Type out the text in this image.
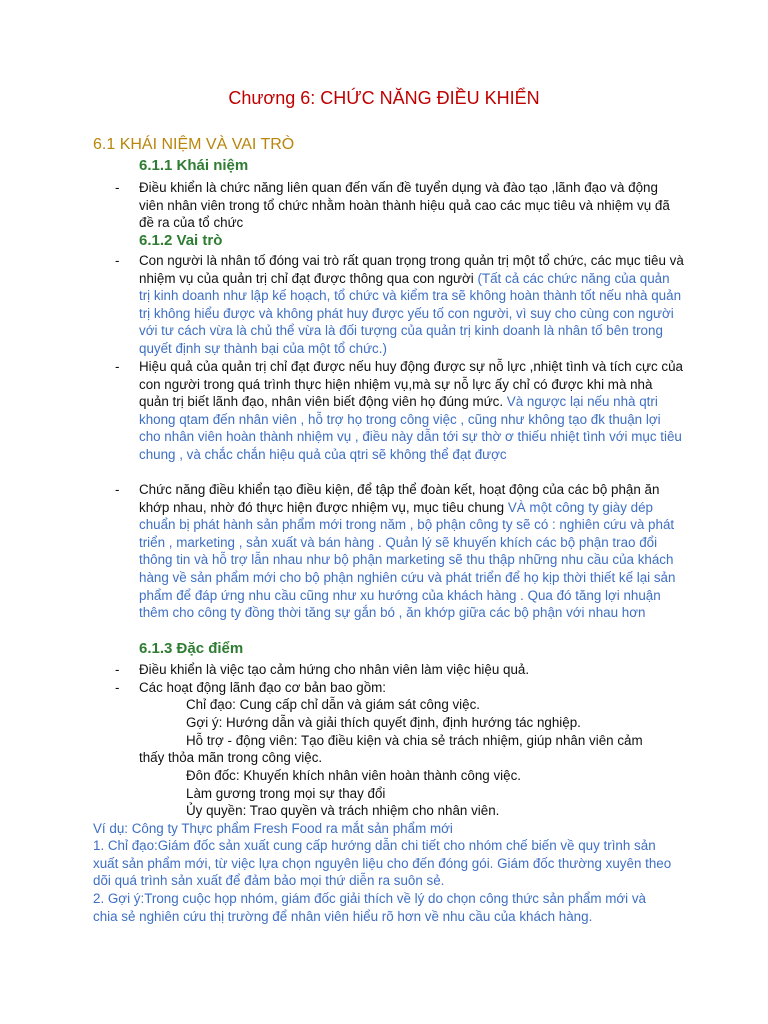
Chương 6: CHỨC NĂNG ĐIỀU KHIỂN
6.1 KHÁI NIỆM VÀ VAI TRÒ
6.1.1 Khái niệm
- Điều khiển là chức năng liên quan đến vấn đề tuyển dụng và đào tạo ,lãnh đạo và động viên nhân viên trong tổ chức nhằm hoàn thành hiệu quả cao các mục tiêu và nhiệm vụ đã đề ra của tổ chức
6.1.2 Vai trò
- Con người là nhân tố đóng vai trò rất quan trọng trong quản trị một tổ chức, các mục tiêu và nhiệm vụ của quản trị chỉ đạt được thông qua con người (Tất cả các chức năng của quản trị kinh doanh như lập kế hoạch, tổ chức và kiểm tra sẽ không hoàn thành tốt nếu nhà quản trị không hiểu được và không phát huy được yếu tố con người, vì suy cho cùng con người với tư cách vừa là chủ thể vừa là đối tượng của quản trị kinh doanh là nhân tố bên trong quyết định sự thành bại của một tổ chức.)
- Hiệu quả của quản trị chỉ đạt được nếu huy động được sự nỗ lực ,nhiệt tình và tích cực của con người trong quá trình thực hiện nhiệm vụ,mà sự nỗ lực ấy chỉ có được khi mà nhà quản trị biết lãnh đạo, nhân viên biết động viên họ đúng mức. Và ngược lại nếu nhà qtri khong qtam đến nhân viên , hỗ trợ họ trong công việc , cũng như không tạo đk thuận lợi cho nhân viên hoàn thành nhiệm vụ , điều này dẫn tới sự thờ ơ thiếu nhiệt tình với mục tiêu chung , và chắc chắn hiệu quả của qtri sẽ không thể đạt được
- Chức năng điều khiển tạo điều kiện, để tập thể đoàn kết, hoạt động của các bộ phận ăn khớp nhau, nhờ đó thực hiện được nhiệm vụ, mục tiêu chung VÀ một công ty giày dép chuẩn bị phát hành sản phẩm mới trong năm , bộ phận công ty sẽ có : nghiên cứu và phát triển , marketing , sản xuất và bán hàng . Quản lý sẽ khuyến khích các bộ phận trao đổi thông tin và hỗ trợ lẫn nhau như bộ phận marketing sẽ thu thập những nhu cầu của khách hàng về sản phẩm mới cho bộ phận nghiên cứu và phát triển để họ kịp thời thiết kế lại sản phẩm để đáp ứng nhu cầu cũng như xu hướng của khách hàng . Qua đó tăng lợi nhuận thêm cho công ty đồng thời tăng sự gắn bó , ăn khớp giữa các bộ phận với nhau hơn
6.1.3 Đặc điểm
- Điều khiển là việc tạo cảm hứng cho nhân viên làm việc hiệu quả.
- Các hoạt động lãnh đạo cơ bản bao gồm:
Chỉ đạo: Cung cấp chỉ dẫn và giám sát công việc.
Gợi ý: Hướng dẫn và giải thích quyết định, định hướng tác nghiệp.
Hỗ trợ - động viên: Tạo điều kiện và chia sẻ trách nhiệm, giúp nhân viên cảm
thấy thỏa mãn trong công việc.
Đôn đốc: Khuyến khích nhân viên hoàn thành công việc.
Làm gương trong mọi sự thay đổi
Ủy quyền: Trao quyền và trách nhiệm cho nhân viên.
Ví dụ: Công ty Thực phẩm Fresh Food ra mắt sản phẩm mới
1. Chỉ đạo:Giám đốc sản xuất cung cấp hướng dẫn chi tiết cho nhóm chế biến về quy trình sản xuất sản phẩm mới, từ việc lựa chọn nguyên liệu cho đến đóng gói. Giám đốc thường xuyên theo dõi quá trình sản xuất để đảm bảo mọi thứ diễn ra suôn sẻ.
2. Gợi ý:Trong cuộc họp nhóm, giám đốc giải thích về lý do chọn công thức sản phẩm mới và chia sẻ nghiên cứu thị trường để nhân viên hiểu rõ hơn về nhu cầu của khách hàng.
